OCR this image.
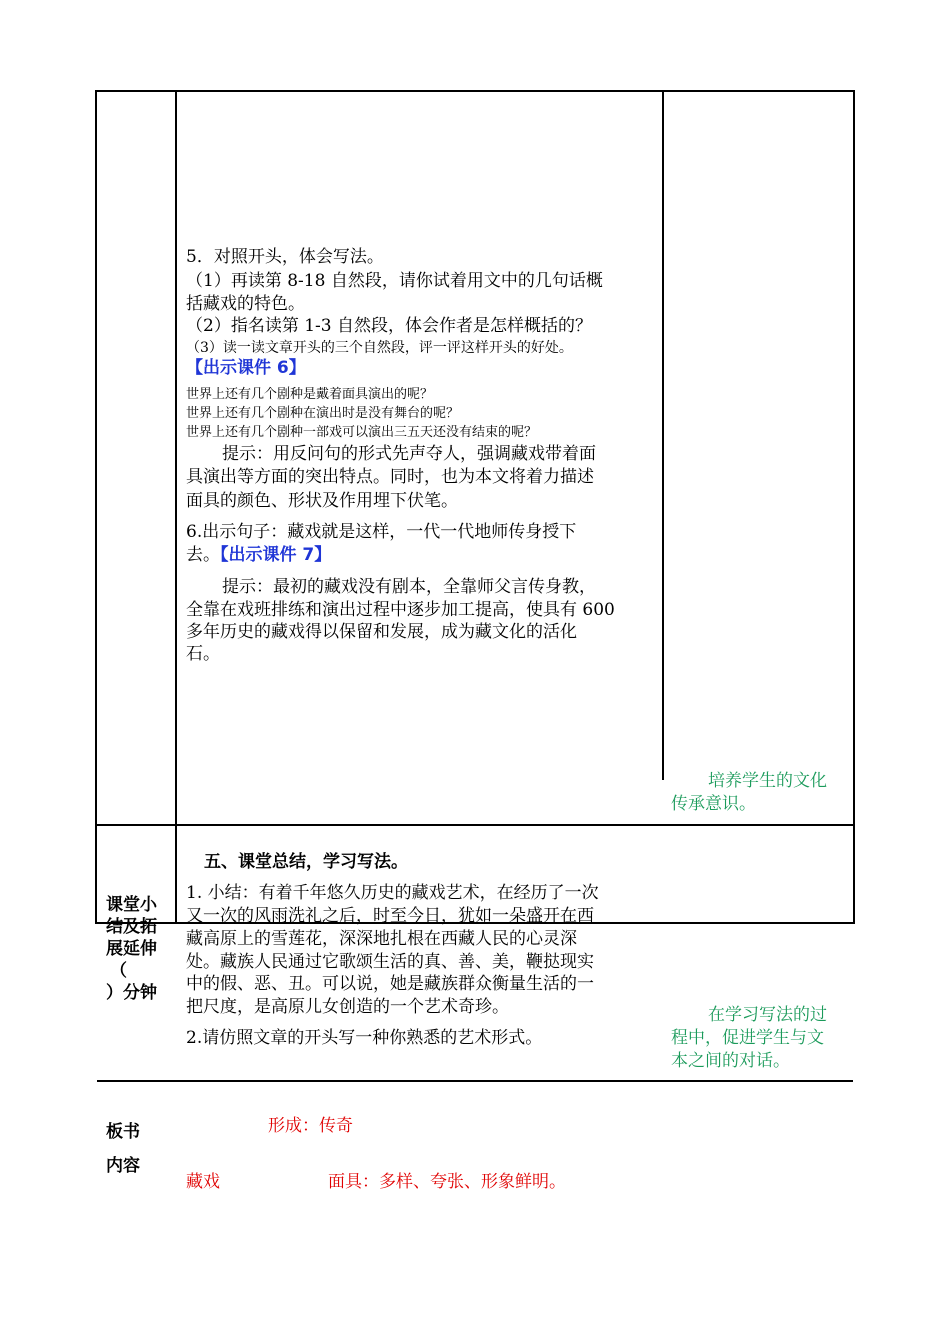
5．对照开头，体会写法。
（1）再读第 8-18 自然段，请你试着用文中的几句话概
括藏戏的特色。
（2）指名读第 1-3 自然段，体会作者是怎样概括的？
（3）读一读文章开头的三个自然段，评一评这样开头的好处。
【出示课件 6】
世界上还有几个剧种是戴着面具演出的呢？
世界上还有几个剧种在演出时是没有舞台的呢？
世界上还有几个剧种一部戏可以演出三五天还没有结束的呢？
提示：用反问句的形式先声夺人，强调藏戏带着面
具演出等方面的突出特点。同时，也为本文将着力描述
面具的颜色、形状及作用埋下伏笔。
6.出示句子：藏戏就是这样，一代一代地师传身授下
去。【出示课件 7】
提示：最初的藏戏没有剧本，全靠师父言传身教，
全靠在戏班排练和演出过程中逐步加工提高，使具有 600
多年历史的藏戏得以保留和发展，成为藏文化的活化
石。
培养学生的文化
传承意识。
课堂小
结及拓
展延伸
（
）分钟
五、课堂总结，学习写法。
1. 小结：有着千年悠久历史的藏戏艺术，在经历了一次
又一次的风雨洗礼之后，时至今日，犹如一朵盛开在西
藏高原上的雪莲花，深深地扎根在西藏人民的心灵深
处。藏族人民通过它歌颂生活的真、善、美，鞭挞现实
中的假、恶、丑。可以说，她是藏族群众衡量生活的一
把尺度，是高原儿女创造的一个艺术奇珍。
2.请仿照文章的开头写一种你熟悉的艺术形式。
在学习写法的过
程中，促进学生与文
本之间的对话。
板书
内容
形成：传奇
藏戏	面具：多样、夸张、形象鲜明。
